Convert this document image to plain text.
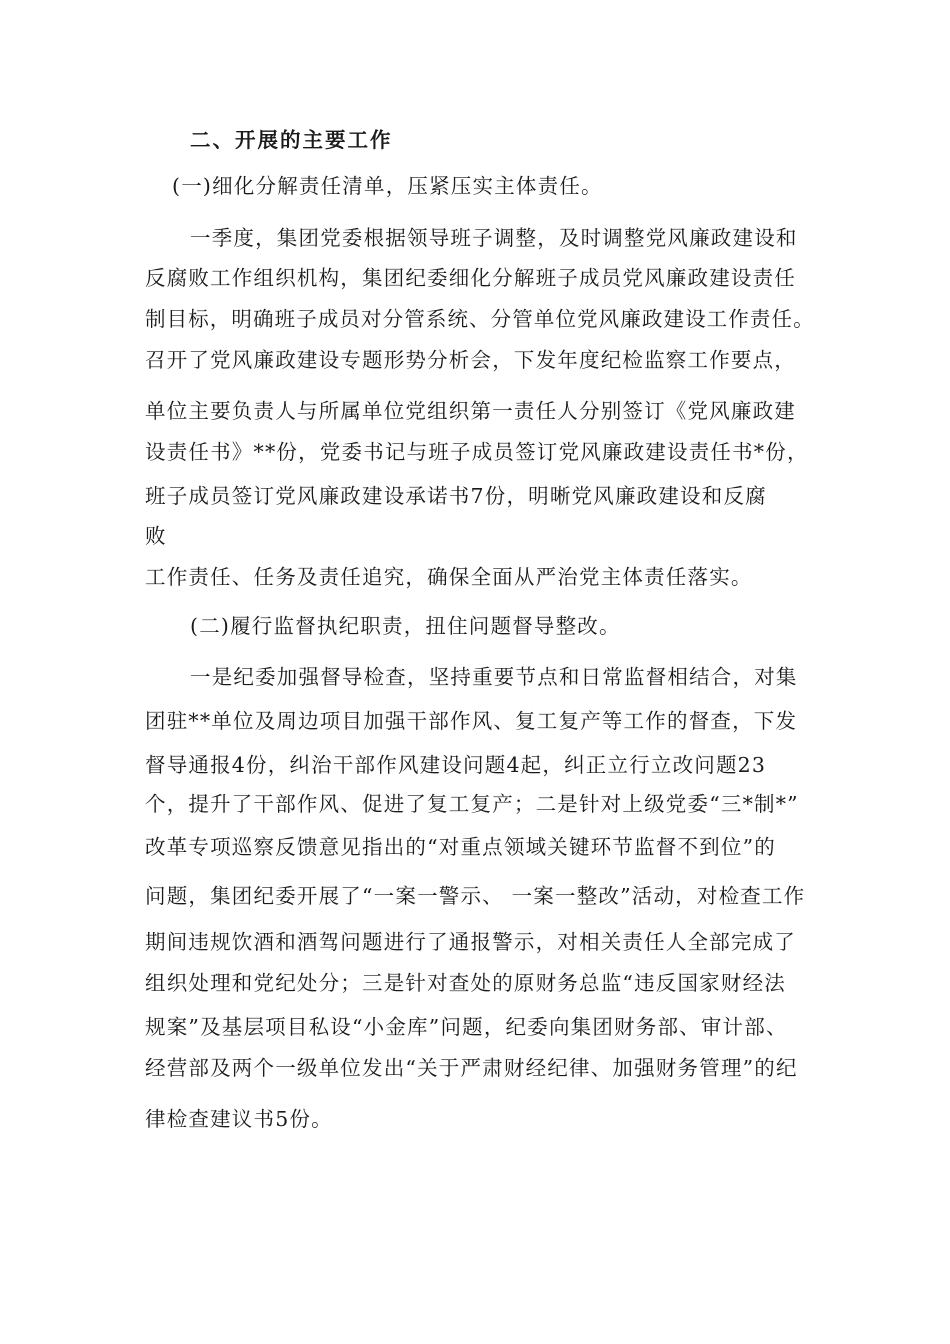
二、开展的主要工作
(一)细化分解责任清单，压紧压实主体责任。
一季度，集团党委根据领导班子调整，及时调整党风廉政建设和
反腐败工作组织机构，集团纪委细化分解班子成员党风廉政建设责任
制目标，明确班子成员对分管系统、分管单位党风廉政建设工作责任。
召开了党风廉政建设专题形势分析会，下发年度纪检监察工作要点，
单位主要负责人与所属单位党组织第一责任人分别签订《党风廉政建
设责任书》**份，党委书记与班子成员签订党风廉政建设责任书*份，
班子成员签订党风廉政建设承诺书7份，明晰党风廉政建设和反腐
败
工作责任、任务及责任追究，确保全面从严治党主体责任落实。
(二)履行监督执纪职责，扭住问题督导整改。
一是纪委加强督导检查，坚持重要节点和日常监督相结合，对集
团驻**单位及周边项目加强干部作风、复工复产等工作的督查，下发
督导通报4份，纠治干部作风建设问题4起，纠正立行立改问题23
个，提升了干部作风、促进了复工复产；二是针对上级党委“三*制*”
改革专项巡察反馈意见指出的“对重点领域关键环节监督不到位”的
问题，集团纪委开展了“一案一警示、 一案一整改”活动，对检查工作
期间违规饮酒和酒驾问题进行了通报警示，对相关责任人全部完成了
组织处理和党纪处分；三是针对查处的原财务总监“违反国家财经法
规案”及基层项目私设“小金库”问题，纪委向集团财务部、审计部、
经营部及两个一级单位发出“关于严肃财经纪律、加强财务管理”的纪
律检查建议书5份。
